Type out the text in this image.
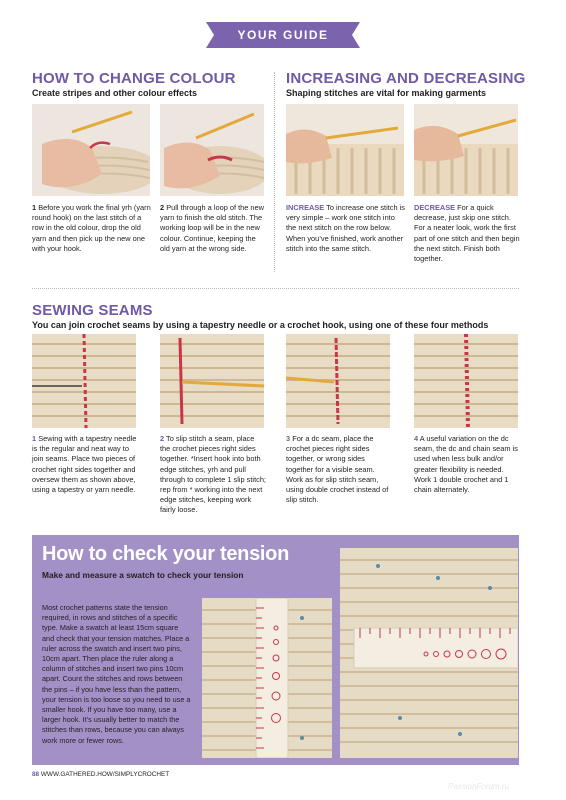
YOUR GUIDE
HOW TO CHANGE COLOUR
Create stripes and other colour effects
1 Before you work the final yrh (yarn round hook) on the last stitch of a row in the old colour, drop the old yarn and then pick up the new one with your hook.
2 Pull through a loop of the new yarn to finish the old stitch. The working loop will be in the new colour. Continue, keeping the old yarn at the wrong side.
INCREASING AND DECREASING
Shaping stitches are vital for making garments
INCREASE To increase one stitch is very simple – work one stitch into the next stitch on the row below. When you’ve finished, work another stitch into the same stitch.
DECREASE For a quick decrease, just skip one stitch. For a neater look, work the first part of one stitch and then begin the next stitch. Finish both together.
SEWING SEAMS
You can join crochet seams by using a tapestry needle or a crochet hook, using one of these four methods
1 Sewing with a tapestry needle is the regular and neat way to join seams. Place two pieces of crochet right sides together and oversew them as shown above, using a tapestry or yarn needle.
2 To slip stitch a seam, place the crochet pieces right sides together. *Insert hook into both edge stitches, yrh and pull through to complete 1 slip stitch; rep from * working into the next edge stitches, keeping work fairly loose.
3 For a dc seam, place the crochet pieces right sides together, or wrong sides together for a visible seam. Work as for slip stitch seam, using double crochet instead of slip stitch.
4 A useful variation on the dc seam, the dc and chain seam is used when less bulk and/or greater flexibility is needed. Work 1 double crochet and 1 chain alternately.
How to check your tension
Make and measure a swatch to check your tension
Most crochet patterns state the tension required, in rows and stitches of a specific type. Make a swatch at least 15cm square and check that your tension matches. Place a ruler across the swatch and insert two pins, 10cm apart. Then place the ruler along a column of stitches and insert two pins 10cm apart. Count the stitches and rows between the pins – if you have less than the pattern, your tension is too loose so you need to use a smaller hook. If you have too many, use a larger hook. It’s usually better to match the stitches than rows, because you can always work more or fewer rows.
88 WWW.GATHERED.HOW/SIMPLYCROCHET
PassionForum.ru
